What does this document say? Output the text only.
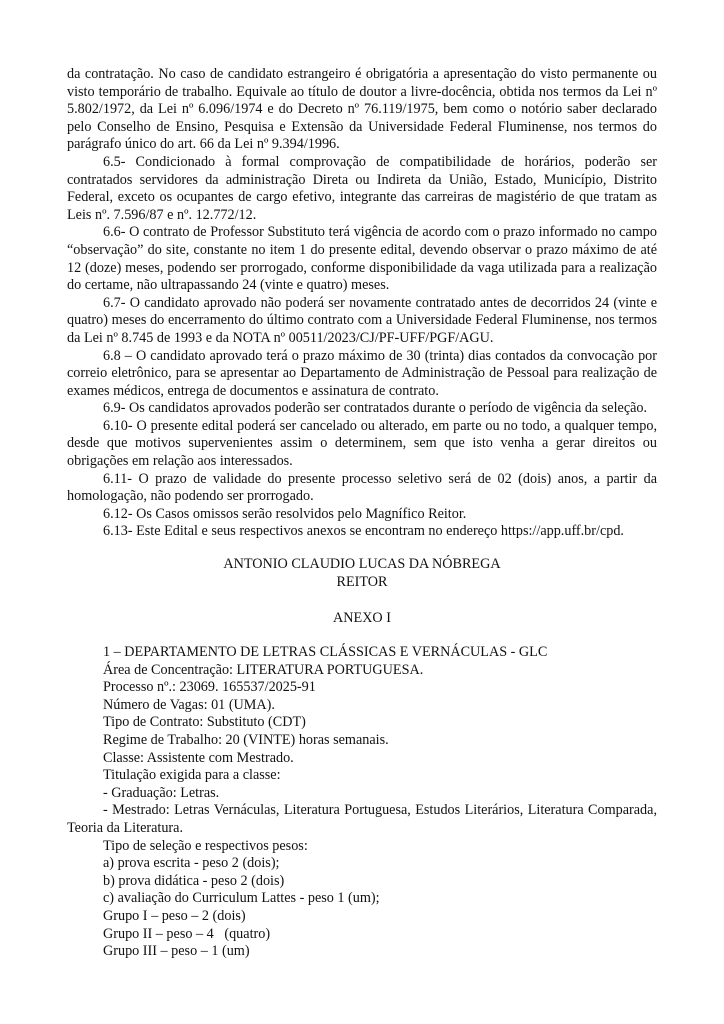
da contratação. No caso de candidato estrangeiro é obrigatória a apresentação do visto permanente ou visto temporário de trabalho. Equivale ao título de doutor a livre-docência, obtida nos termos da Lei nº 5.802/1972, da Lei nº 6.096/1974 e do Decreto nº 76.119/1975, bem como o notório saber declarado pelo Conselho de Ensino, Pesquisa e Extensão da Universidade Federal Fluminense, nos termos do parágrafo único do art. 66 da Lei nº 9.394/1996.

6.5- Condicionado à formal comprovação de compatibilidade de horários, poderão ser contratados servidores da administração Direta ou Indireta da União, Estado, Município, Distrito Federal, exceto os ocupantes de cargo efetivo, integrante das carreiras de magistério de que tratam as Leis nº. 7.596/87 e nº. 12.772/12.

6.6- O contrato de Professor Substituto terá vigência de acordo com o prazo informado no campo “observação” do site, constante no item 1 do presente edital, devendo observar o prazo máximo de até 12 (doze) meses, podendo ser prorrogado, conforme disponibilidade da vaga utilizada para a realização do certame, não ultrapassando 24 (vinte e quatro) meses.

6.7- O candidato aprovado não poderá ser novamente contratado antes de decorridos 24 (vinte e quatro) meses do encerramento do último contrato com a Universidade Federal Fluminense, nos termos da Lei nº 8.745 de 1993 e da NOTA nº 00511/2023/CJ/PF-UFF/PGF/AGU.

6.8 – O candidato aprovado terá o prazo máximo de 30 (trinta) dias contados da convocação por correio eletrônico, para se apresentar ao Departamento de Administração de Pessoal para realização de exames médicos, entrega de documentos e assinatura de contrato.

6.9- Os candidatos aprovados poderão ser contratados durante o período de vigência da seleção.

6.10- O presente edital poderá ser cancelado ou alterado, em parte ou no todo, a qualquer tempo, desde que motivos supervenientes assim o determinem, sem que isto venha a gerar direitos ou obrigações em relação aos interessados.

6.11- O prazo de validade do presente processo seletivo será de 02 (dois) anos, a partir da homologação, não podendo ser prorrogado.

6.12- Os Casos omissos serão resolvidos pelo Magnífico Reitor.

6.13- Este Edital e seus respectivos anexos se encontram no endereço https://app.uff.br/cpd.

ANTONIO CLAUDIO LUCAS DA NÓBREGA
REITOR
ANEXO I
1 – DEPARTAMENTO DE LETRAS CLÁSSICAS E VERNÁCULAS - GLC
Área de Concentração: LITERATURA PORTUGUESA.
Processo nº.: 23069. 165537/2025-91
Número de Vagas: 01 (UMA).
Tipo de Contrato: Substituto (CDT)
Regime de Trabalho: 20 (VINTE) horas semanais.
Classe: Assistente com Mestrado.
Titulação exigida para a classe:
- Graduação: Letras.

- Mestrado: Letras Vernáculas, Literatura Portuguesa, Estudos Literários, Literatura Comparada, Teoria da Literatura.

Tipo de seleção e respectivos pesos:
a) prova escrita - peso 2 (dois);
b) prova didática - peso 2 (dois)
c) avaliação do Curriculum Lattes - peso 1 (um);
Grupo I – peso – 2 (dois)
Grupo II – peso – 4   (quatro)
Grupo III – peso – 1 (um)
